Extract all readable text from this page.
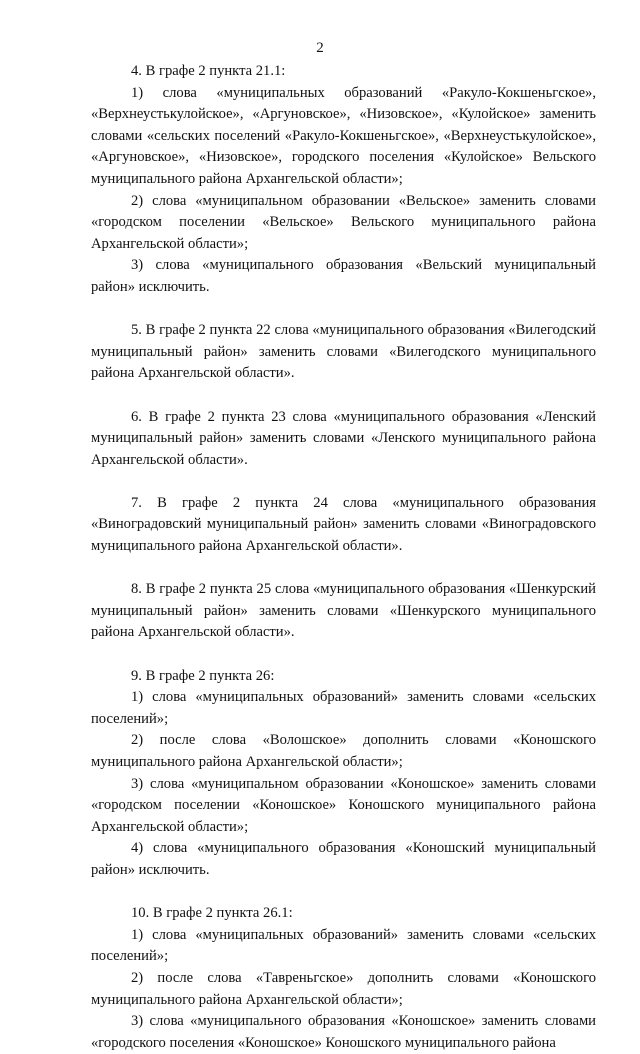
2

4. В графе 2 пункта 21.1:

1) слова «муниципальных образований «Ракуло-Кокшеньгское», «Верхнеустькулойское», «Аргуновское», «Низовское», «Кулойское» заменить словами «сельских поселений «Ракуло-Кокшеньгское», «Верхнеустькулойское», «Аргуновское», «Низовское», городского поселения «Кулойское» Вельского муниципального района Архангельской области»;

2) слова «муниципальном образовании «Вельское» заменить словами «городском поселении «Вельское» Вельского муниципального района Архангельской области»;

3) слова «муниципального образования «Вельский муниципальный район» исключить.

5. В графе 2 пункта 22 слова «муниципального образования «Вилегодский муниципальный район» заменить словами «Вилегодского муниципального района Архангельской области».

6. В графе 2 пункта 23 слова «муниципального образования «Ленский муниципальный район» заменить словами «Ленского муниципального района Архангельской области».

7. В графе 2 пункта 24 слова «муниципального образования «Виноградовский муниципальный район» заменить словами «Виноградовского муниципального района Архангельской области».

8. В графе 2 пункта 25 слова «муниципального образования «Шенкурский муниципальный район» заменить словами «Шенкурского муниципального района Архангельской области».

9. В графе 2 пункта 26:

1) слова «муниципальных образований» заменить словами «сельских поселений»;

2) после слова «Волошское» дополнить словами «Коношского муниципального района Архангельской области»;

3) слова «муниципальном образовании «Коношское» заменить словами «городском поселении «Коношское» Коношского муниципального района Архангельской области»;

4) слова «муниципального образования «Коношский муниципальный район» исключить.

10. В графе 2 пункта 26.1:

1) слова «муниципальных образований» заменить словами «сельских поселений»;

2) после слова «Тавреньгское» дополнить словами «Коношского муниципального района Архангельской области»;

3) слова «муниципального образования «Коношское» заменить словами «городского поселения «Коношское» Коношского муниципального района
